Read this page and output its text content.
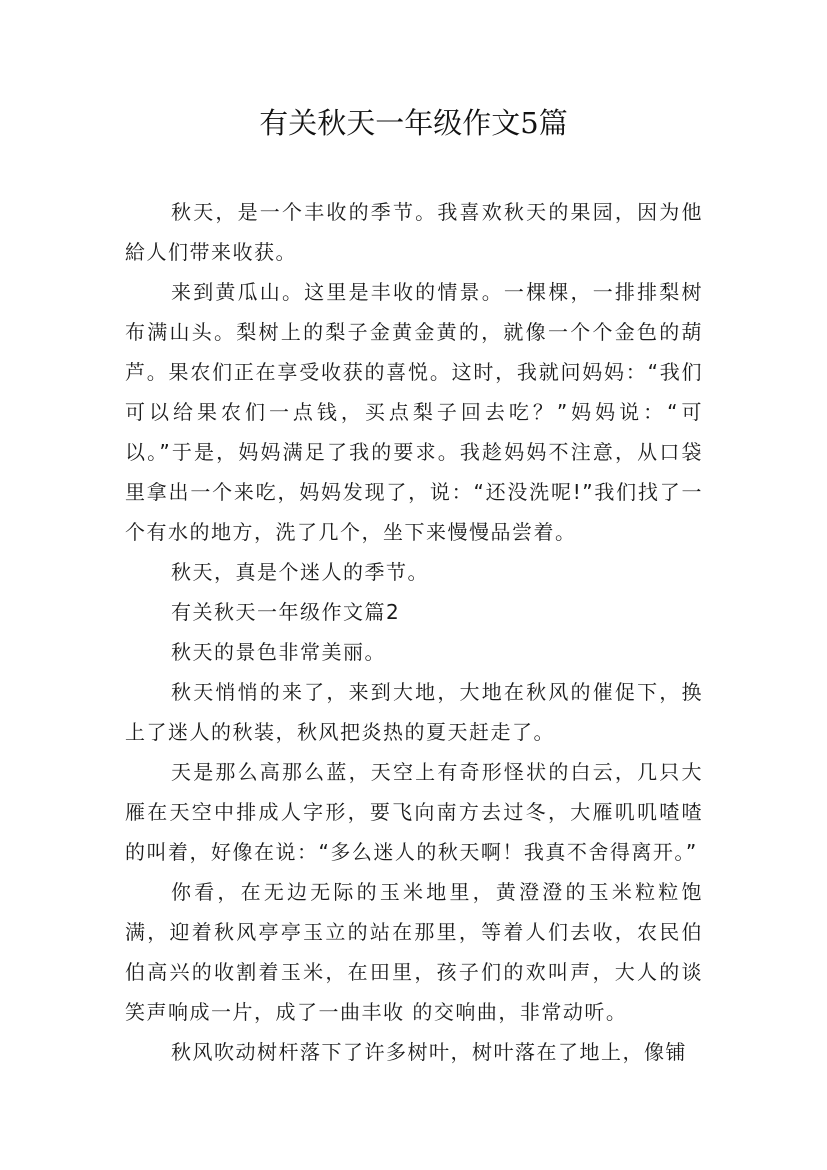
有关秋天一年级作文5篇

秋天，是一个丰收的季节。我喜欢秋天的果园，因为他給人们带来收获。

来到黄瓜山。这里是丰收的情景。一棵棵，一排排梨树布满山头。梨树上的梨子金黄金黄的，就像一个个金色的葫芦。果农们正在享受收获的喜悦。这时，我就问妈妈：“我们可以给果农们一点钱，买点梨子回去吃？”妈妈说：“可以。”于是，妈妈满足了我的要求。我趁妈妈不注意，从口袋里拿出一个来吃，妈妈发现了，说：“还没洗呢!”我们找了一个有水的地方，洗了几个，坐下来慢慢品尝着。

秋天，真是个迷人的季节。

有关秋天一年级作文篇2

秋天的景色非常美丽。

秋天悄悄的来了，来到大地，大地在秋风的催促下，换上了迷人的秋装，秋风把炎热的夏天赶走了。

天是那么高那么蓝，天空上有奇形怪状的白云，几只大雁在天空中排成人字形，要飞向南方去过冬，大雁叽叽喳喳的叫着，好像在说：“多么迷人的秋天啊！我真不舍得离开。”

你看，在无边无际的玉米地里，黄澄澄的玉米粒粒饱满，迎着秋风亭亭玉立的站在那里，等着人们去收，农民伯伯高兴的收割着玉米，在田里，孩子们的欢叫声，大人的谈笑声响成一片，成了一曲丰收 的交响曲，非常动听。

秋风吹动树杆落下了许多树叶，树叶落在了地上，像铺
